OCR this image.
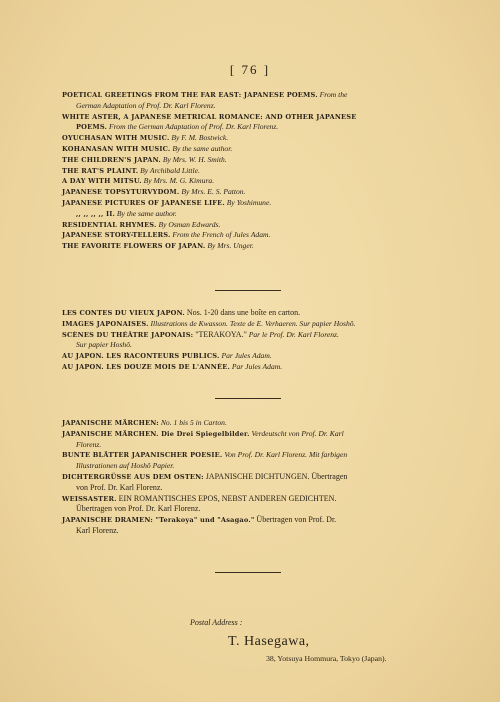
[ 76 ]
POETICAL GREETINGS FROM THE FAR EAST: JAPANESE POEMS. From the
German Adaptation of Prof. Dr. Karl Florenz.
WHITE ASTER, A JAPANESE METRICAL ROMANCE: AND OTHER JAPANESE
POEMS. From the German Adaptation of Prof. Dr. Karl Florenz.
OYUCHASAN WITH MUSIC. By F. M. Bostwick.
KOHANASAN WITH MUSIC. By the same author.
THE CHILDREN'S JAPAN. By Mrs. W. H. Smith.
THE RAT'S PLAINT. By Archibald Little.
A DAY WITH MITSU. By Mrs. M. G. Kimura.
JAPANESE TOPSYTURVYDOM. By Mrs. E. S. Patton.
JAPANESE PICTURES OF JAPANESE LIFE. By Yoshimune.
,, ,, ,, ,, II. By the same author.
RESIDENTIAL RHYMES. By Osman Edwards.
JAPANESE STORY-TELLERS. From the French of Jules Adam.
THE FAVORITE FLOWERS OF JAPAN. By Mrs. Unger.
LES CONTES DU VIEUX JAPON. Nos. 1-20 dans une boîte en carton.
IMAGES JAPONAISES. Illustrations de Kwasson. Texte de E. Verhaeren. Sur papier Hoshô.
SCÈNES DU THÉÂTRE JAPONAIS: "TERAKOYA." Par le Prof. Dr. Karl Florenz.
Sur papier Hoshô.
AU JAPON. LES RACONTEURS PUBLICS. Par Jules Adam.
AU JAPON. LES DOUZE MOIS DE L'ANNÉE. Par Jules Adam.
JAPANISCHE MÄRCHEN: No. 1 bis 5 in Carton.
JAPANISCHE MÄRCHEN. Die Drei Spiegelbilder. Verdeutscht von Prof. Dr. Karl
Florenz.
BUNTE BLÄTTER JAPANISCHER POESIE. Von Prof. Dr. Karl Florenz. Mit farbigen
Illustrationen auf Hoshô Papier.
DICHTERGRÜSSE AUS DEM OSTEN: JAPANISCHE DICHTUNGEN. Übertragen
von Prof. Dr. Karl Florenz.
WEISSASTER. EIN ROMANTISCHES EPOS, NEBST ANDEREN GEDICHTEN.
Übertragen von Prof. Dr. Karl Florenz.
JAPANISCHE DRAMEN: "Terakoya" und "Asagao." Übertragen von Prof. Dr.
Karl Florenz.
Postal Address :
T. Hasegawa,
38, Yotsuya Hommura, Tokyo (Japan).
